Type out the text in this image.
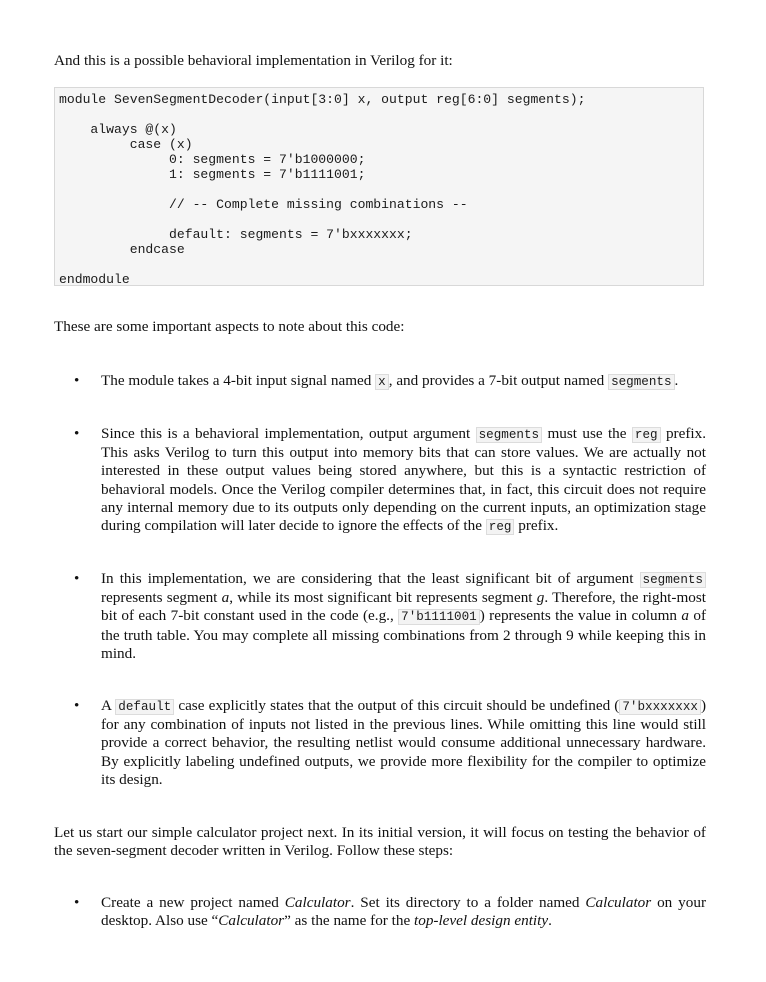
And this is a possible behavioral implementation in Verilog for it:

module SevenSegmentDecoder(input[3:0] x, output reg[6:0] segments);

always @(x)
case (x)
0: segments = 7'b1000000;
1: segments = 7'b1111001;

// -- Complete missing combinations --

default: segments = 7'bxxxxxxx;
endcase

endmodule

These are some important aspects to note about this code:

• The module takes a 4-bit input signal named x , and provides a 7-bit output named segments .

• Since this is a behavioral implementation, output argument segments must use the reg prefix. This asks Verilog to turn this output into memory bits that can store values. We are actually not interested in these output values being stored anywhere, but this is a syntactic restriction of behavioral models. Once the Verilog compiler determines that, in fact, this circuit does not require any internal memory due to its outputs only depending on the current inputs, an optimization stage during compilation will later decide to ignore the effects of the reg prefix.

• In this implementation, we are considering that the least significant bit of argument segments represents segment a, while its most significant bit represents segment g. Therefore, the right-most bit of each 7-bit constant used in the code (e.g., 7'b1111001 ) represents the value in column a of the truth table. You may complete all missing combinations from 2 through 9 while keeping this in mind.

• A default case explicitly states that the output of this circuit should be undefined ( 7'bxxxxxxx ) for any combination of inputs not listed in the previous lines. While omitting this line would still provide a correct behavior, the resulting netlist would consume additional unnecessary hardware. By explicitly labeling undefined outputs, we provide more flexibility for the compiler to optimize its design.

Let us start our simple calculator project next. In its initial version, it will focus on testing the behavior of the seven-segment decoder written in Verilog. Follow these steps:

• Create a new project named Calculator. Set its directory to a folder named Calculator on your desktop. Also use “Calculator” as the name for the top-level design entity.
